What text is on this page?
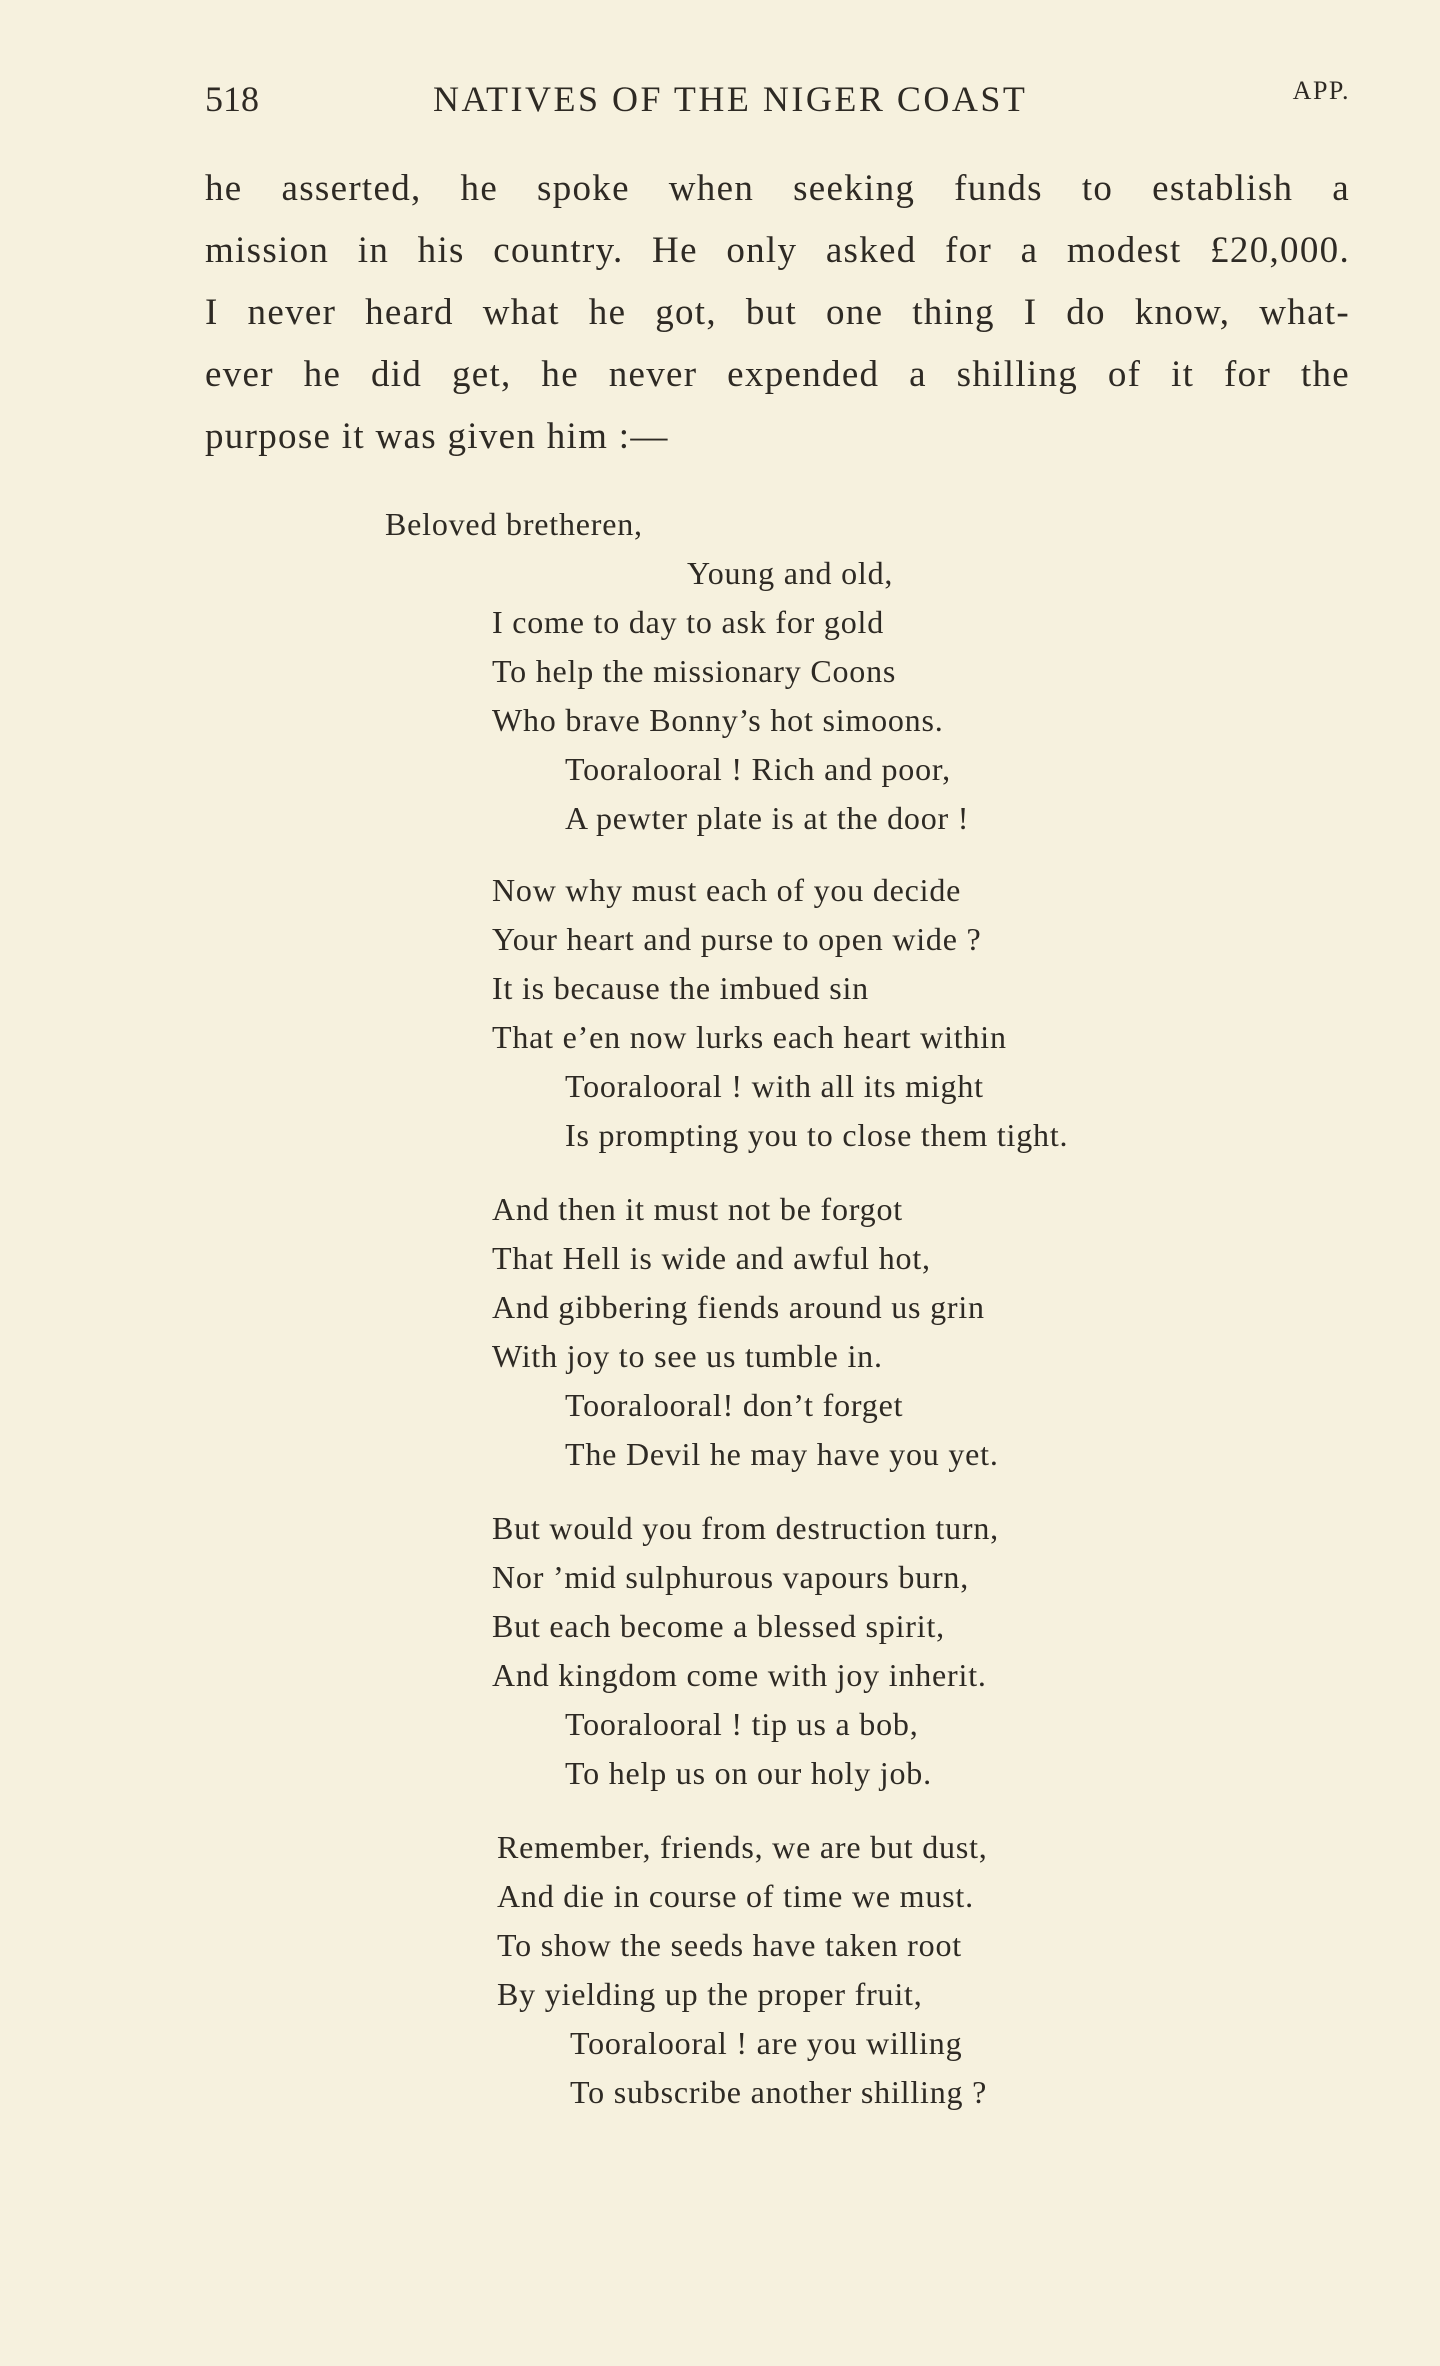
518	NATIVES OF THE NIGER COAST	APP.
he asserted, he spoke when seeking funds to establish a
mission in his country. He only asked for a modest £20,000.
I never heard what he got, but one thing I do know, what-
ever he did get, he never expended a shilling of it for the
purpose it was given him :—
Beloved bretheren,
Young and old,
I come to day to ask for gold
To help the missionary Coons
Who brave Bonny’s hot simoons.
Tooralooral ! Rich and poor,
A pewter plate is at the door !
Now why must each of you decide
Your heart and purse to open wide ?
It is because the imbued sin
That e’en now lurks each heart within
Tooralooral ! with all its might
Is prompting you to close them tight.
And then it must not be forgot
That Hell is wide and awful hot,
And gibbering fiends around us grin
With joy to see us tumble in.
Tooralooral! don’t forget
The Devil he may have you yet.
But would you from destruction turn,
Nor ’mid sulphurous vapours burn,
But each become a blessed spirit,
And kingdom come with joy inherit.
Tooralooral ! tip us a bob,
To help us on our holy job.
Remember, friends, we are but dust,
And die in course of time we must.
To show the seeds have taken root
By yielding up the proper fruit,
Tooralooral ! are you willing
To subscribe another shilling ?
